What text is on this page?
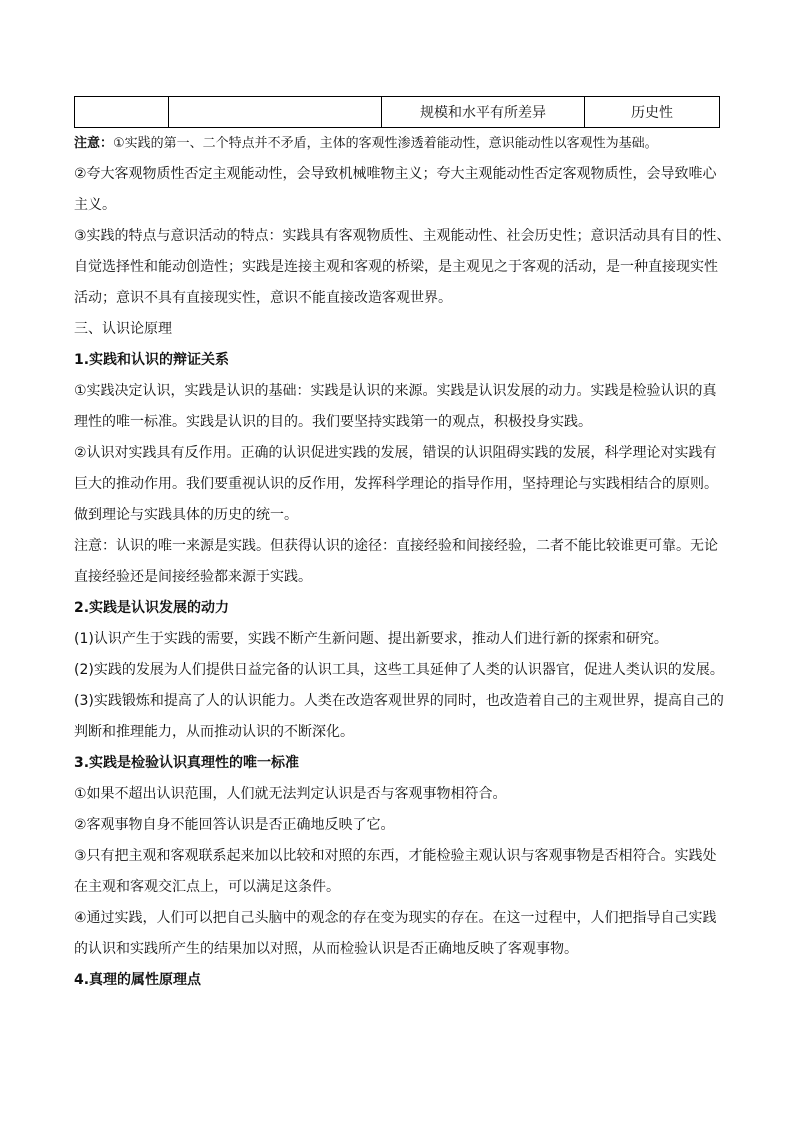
		规模和水平有所差异	历史性

注意：①实践的第一、二个特点并不矛盾，主体的客观性渗透着能动性，意识能动性以客观性为基础。

②夸大客观物质性否定主观能动性，会导致机械唯物主义；夸大主观能动性否定客观物质性，会导致唯心

主义。

③实践的特点与意识活动的特点：实践具有客观物质性、主观能动性、社会历史性；意识活动具有目的性、

自觉选择性和能动创造性；实践是连接主观和客观的桥梁，是主观见之于客观的活动，是一种直接现实性

活动；意识不具有直接现实性，意识不能直接改造客观世界。

三、认识论原理

1.实践和认识的辩证关系

①实践决定认识，实践是认识的基础：实践是认识的来源。实践是认识发展的动力。实践是检验认识的真

理性的唯一标准。实践是认识的目的。我们要坚持实践第一的观点，积极投身实践。

②认识对实践具有反作用。正确的认识促进实践的发展，错误的认识阻碍实践的发展，科学理论对实践有

巨大的推动作用。我们要重视认识的反作用，发挥科学理论的指导作用，坚持理论与实践相结合的原则。

做到理论与实践具体的历史的统一。

注意：认识的唯一来源是实践。但获得认识的途径：直接经验和间接经验，二者不能比较谁更可靠。无论

直接经验还是间接经验都来源于实践。

2.实践是认识发展的动力

(1)认识产生于实践的需要，实践不断产生新问题、提出新要求，推动人们进行新的探索和研究。

(2)实践的发展为人们提供日益完备的认识工具，这些工具延伸了人类的认识器官，促进人类认识的发展。

(3)实践锻炼和提高了人的认识能力。人类在改造客观世界的同时，也改造着自己的主观世界，提高自己的

判断和推理能力，从而推动认识的不断深化。

3.实践是检验认识真理性的唯一标准

①如果不超出认识范围，人们就无法判定认识是否与客观事物相符合。

②客观事物自身不能回答认识是否正确地反映了它。

③只有把主观和客观联系起来加以比较和对照的东西，才能检验主观认识与客观事物是否相符合。实践处

在主观和客观交汇点上，可以满足这条件。

④通过实践，人们可以把自己头脑中的观念的存在变为现实的存在。在这一过程中，人们把指导自己实践

的认识和实践所产生的结果加以对照，从而检验认识是否正确地反映了客观事物。

4.真理的属性原理点
